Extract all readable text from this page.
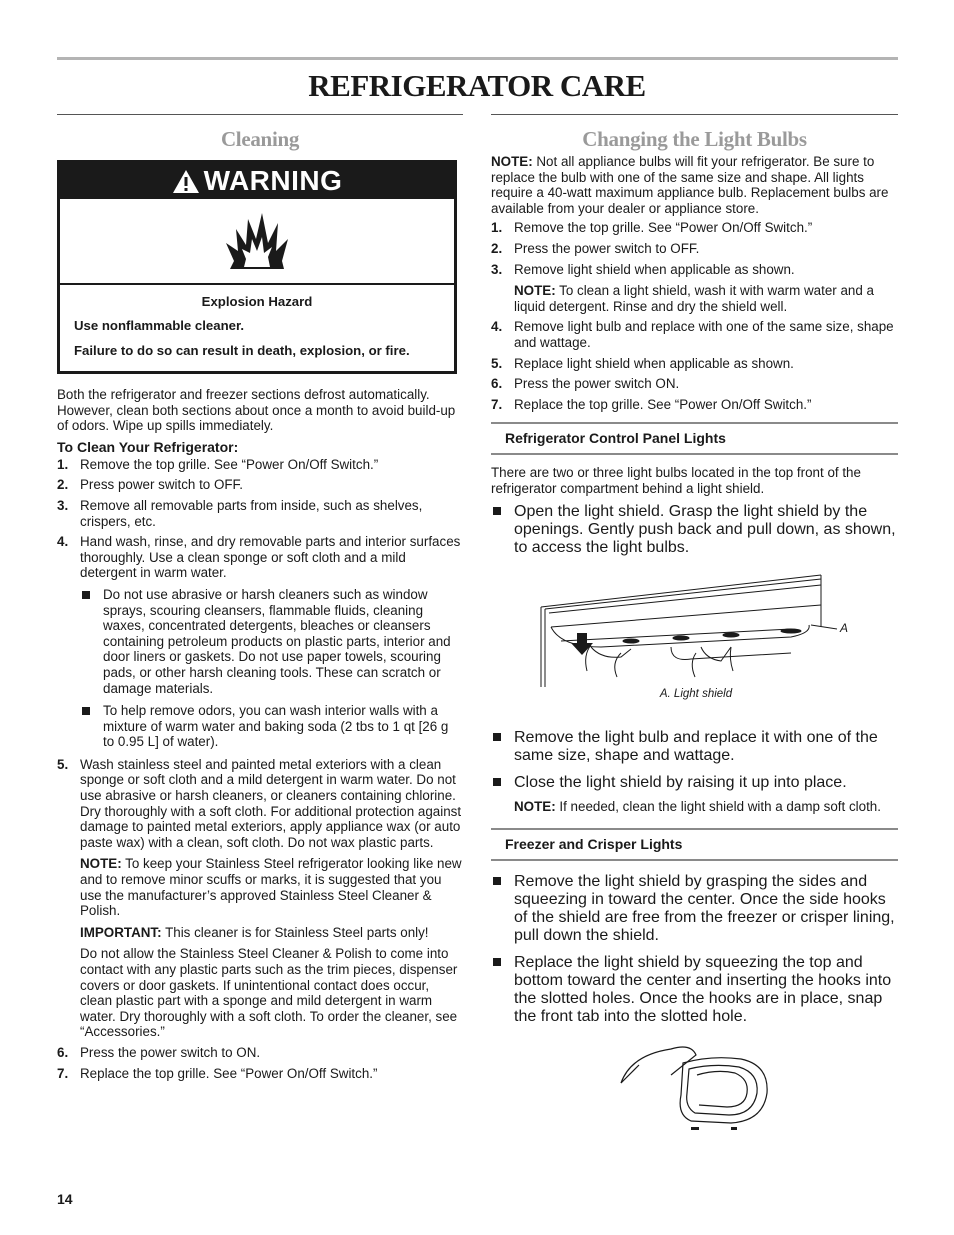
REFRIGERATOR CARE
Cleaning
WARNING

Explosion Hazard

Use nonflammable cleaner.

Failure to do so can result in death, explosion, or fire.

Both the refrigerator and freezer sections defrost automatically. However, clean both sections about once a month to avoid build-up of odors. Wipe up spills immediately.

To Clean Your Refrigerator:
1. Remove the top grille. See “Power On/Off Switch.”
2. Press power switch to OFF.
3. Remove all removable parts from inside, such as shelves, crispers, etc.
4. Hand wash, rinse, and dry removable parts and interior surfaces thoroughly. Use a clean sponge or soft cloth and a mild detergent in warm water.
Do not use abrasive or harsh cleaners such as window sprays, scouring cleansers, flammable fluids, cleaning waxes, concentrated detergents, bleaches or cleansers containing petroleum products on plastic parts, interior and door liners or gaskets. Do not use paper towels, scouring pads, or other harsh cleaning tools. These can scratch or damage materials.
To help remove odors, you can wash interior walls with a mixture of warm water and baking soda (2 tbs to 1 qt [26 g to 0.95 L] of water).
5. Wash stainless steel and painted metal exteriors with a clean sponge or soft cloth and a mild detergent in warm water. Do not use abrasive or harsh cleaners, or cleaners containing chlorine. Dry thoroughly with a soft cloth. For additional protection against damage to painted metal exteriors, apply appliance wax (or auto paste wax) with a clean, soft cloth. Do not wax plastic parts.

NOTE: To keep your Stainless Steel refrigerator looking like new and to remove minor scuffs or marks, it is suggested that you use the manufacturer’s approved Stainless Steel Cleaner & Polish.

IMPORTANT: This cleaner is for Stainless Steel parts only!

Do not allow the Stainless Steel Cleaner & Polish to come into contact with any plastic parts such as the trim pieces, dispenser covers or door gaskets. If unintentional contact does occur, clean plastic part with a sponge and mild detergent in warm water. Dry thoroughly with a soft cloth. To order the cleaner, see “Accessories.”

6. Press the power switch to ON.
7. Replace the top grille. See “Power On/Off Switch.”
Changing the Light Bulbs

NOTE: Not all appliance bulbs will fit your refrigerator. Be sure to replace the bulb with one of the same size and shape. All lights require a 40-watt maximum appliance bulb. Replacement bulbs are available from your dealer or appliance store.

1. Remove the top grille. See “Power On/Off Switch.”
2. Press the power switch to OFF.
3. Remove light shield when applicable as shown.

NOTE: To clean a light shield, wash it with warm water and a liquid detergent. Rinse and dry the shield well.

4. Remove light bulb and replace with one of the same size, shape and wattage.
5. Replace light shield when applicable as shown.
6. Press the power switch ON.
7. Replace the top grille. See “Power On/Off Switch.”
Refrigerator Control Panel Lights

There are two or three light bulbs located in the top front of the refrigerator compartment behind a light shield.

Open the light shield. Grasp the light shield by the openings. Gently push back and pull down, as shown, to access the light bulbs.
A
A. Light shield
Remove the light bulb and replace it with one of the same size, shape and wattage.
Close the light shield by raising it up into place.

NOTE: If needed, clean the light shield with a damp soft cloth.

Freezer and Crisper Lights
Remove the light shield by grasping the sides and squeezing in toward the center. Once the side hooks of the shield are free from the freezer or crisper lining, pull down the shield.
Replace the light shield by squeezing the top and bottom toward the center and inserting the hooks into the slotted holes. Once the hooks are in place, snap the front tab into the slotted hole.
14
